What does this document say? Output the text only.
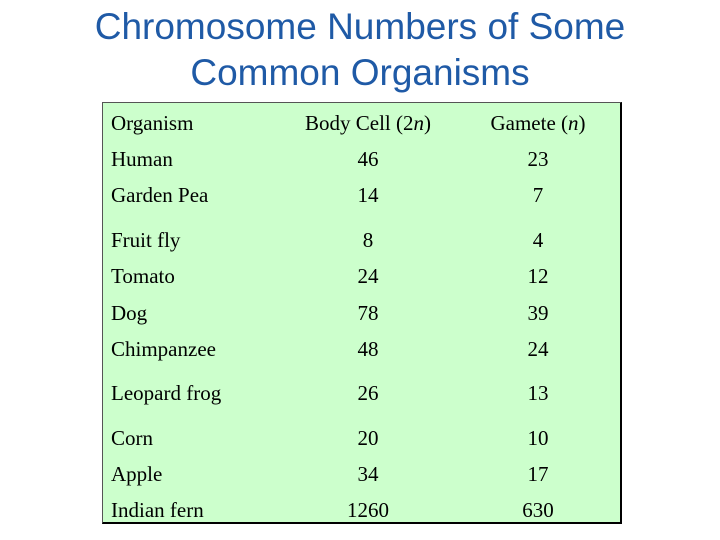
Chromosome Numbers of Some
Common Organisms
Organism	Body Cell (2n)	Gamete (n)
Human	46	23
Garden Pea	14	7
Fruit fly	8	4
Tomato	24	12
Dog	78	39
Chimpanzee	48	24
Leopard frog	26	13
Corn	20	10
Apple	34	17
Indian fern	1260	630
